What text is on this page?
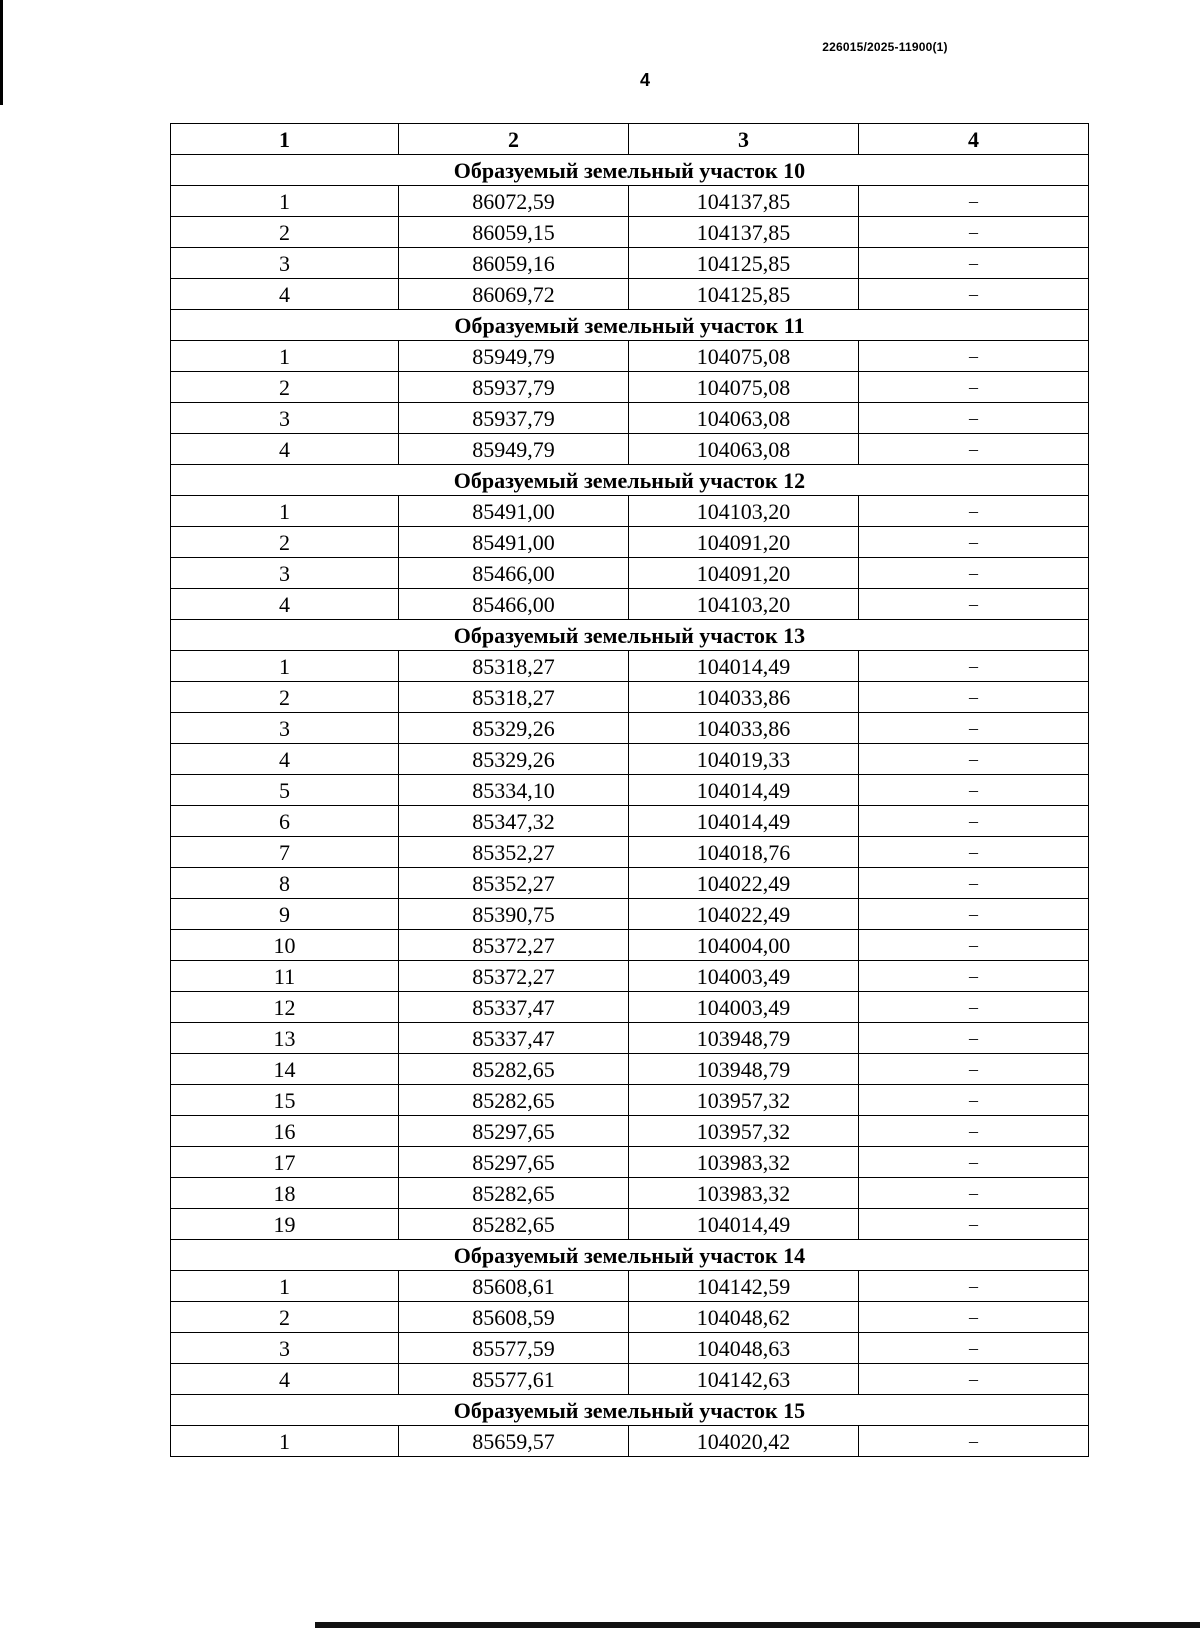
226015/2025-11900(1)
4
1	2	3	4
Образуемый земельный участок 10			
1	86072,59	104137,85	–
2	86059,15	104137,85	–
3	86059,16	104125,85	–
4	86069,72	104125,85	–
Образуемый земельный участок 11			
1	85949,79	104075,08	–
2	85937,79	104075,08	–
3	85937,79	104063,08	–
4	85949,79	104063,08	–
Образуемый земельный участок 12			
1	85491,00	104103,20	–
2	85491,00	104091,20	–
3	85466,00	104091,20	–
4	85466,00	104103,20	–
Образуемый земельный участок 13			
1	85318,27	104014,49	–
2	85318,27	104033,86	–
3	85329,26	104033,86	–
4	85329,26	104019,33	–
5	85334,10	104014,49	–
6	85347,32	104014,49	–
7	85352,27	104018,76	–
8	85352,27	104022,49	–
9	85390,75	104022,49	–
10	85372,27	104004,00	–
11	85372,27	104003,49	–
12	85337,47	104003,49	–
13	85337,47	103948,79	–
14	85282,65	103948,79	–
15	85282,65	103957,32	–
16	85297,65	103957,32	–
17	85297,65	103983,32	–
18	85282,65	103983,32	–
19	85282,65	104014,49	–
Образуемый земельный участок 14			
1	85608,61	104142,59	–
2	85608,59	104048,62	–
3	85577,59	104048,63	–
4	85577,61	104142,63	–
Образуемый земельный участок 15			
1	85659,57	104020,42	–
